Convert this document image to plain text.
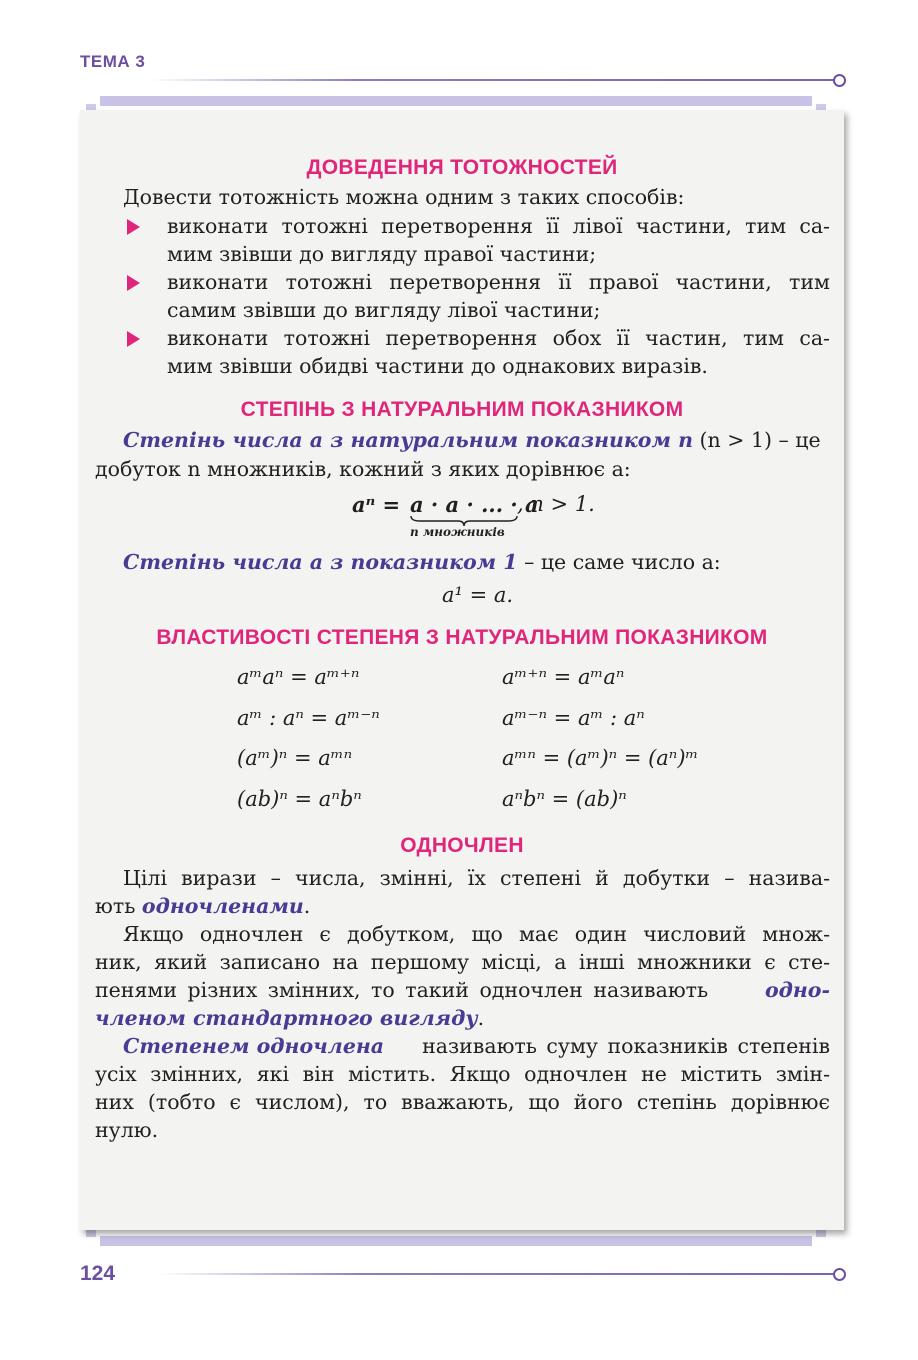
ТЕМА 3
ДОВЕДЕННЯ ТОТОЖНОСТЕЙ
Довести тотожність можна одним з таких способів:
виконати тотожні перетворення її лівої частини, тим са-
мим звівши до вигляду правої частини;
виконати тотожні перетворення її правої частини, тим
самим звівши до вигляду лівої частини;
виконати тотожні перетворення обох її частин, тим са-
мим звівши обидві частини до однакових виразів.
СТЕПІНЬ З НАТУРАЛЬНИМ ПОКАЗНИКОМ
Степінь числа a з натуральним показником n (n > 1) – це
добуток n множників, кожний з яких дорівнює a:
aⁿ = a · a · ... · a
, n > 1.
n множників
Степінь числа a з показником 1 – це саме число a:
a¹ = a.
ВЛАСТИВОСТІ СТЕПЕНЯ З НАТУРАЛЬНИМ ПОКАЗНИКОМ
aᵐaⁿ = aᵐ⁺ⁿ
aᵐ : aⁿ = aᵐ⁻ⁿ
(aᵐ)ⁿ = aᵐⁿ
(ab)ⁿ = aⁿbⁿ
aᵐ⁺ⁿ = aᵐaⁿ
aᵐ⁻ⁿ = aᵐ : aⁿ
aᵐⁿ = (aᵐ)ⁿ = (aⁿ)ᵐ
aⁿbⁿ = (ab)ⁿ
ОДНОЧЛЕН
Цілі вирази – числа, змінні, їх степені й добутки – назива-
ють одночленами.
Якщо одночлен є добутком, що має один числовий множ-
ник, який записано на першому місці, а інші множники є сте-
пенями різних змінних, то такий одночлен називають	одно-
членом стандартного вигляду.
Степенем одночлена називають суму показників степенів
усіх змінних, які він містить. Якщо одночлен не містить змін-
них (тобто є числом), то вважають, що його степінь дорівнює
нулю.
124
